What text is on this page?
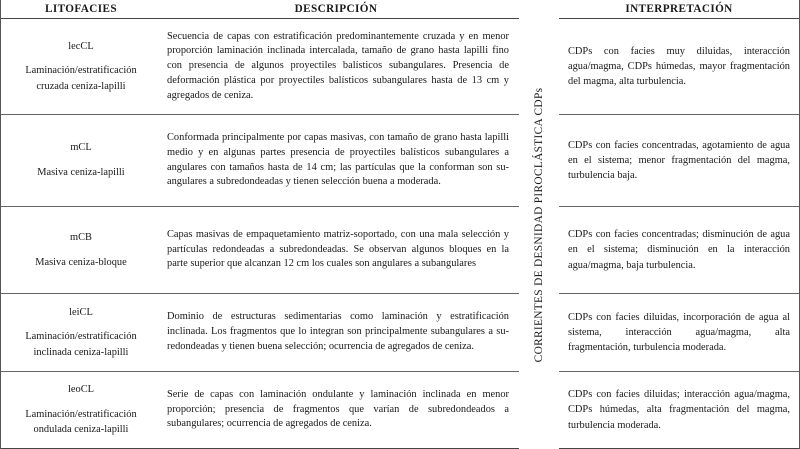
LITOFACIES	DESCRIPCIÓN
lecCL
Laminación/estratificación
cruzada ceniza-lapilli
Secuencia de capas con estratificación predominantemente cruzada y en menor proporción laminación inclinada intercalada, tamaño de grano hasta lapilli fino con presencia de algunos proyectiles balísticos subangulares. Presencia de deformación plástica por proyectiles balísticos subangulares hasta de 13 cm y agregados de ceniza.
mCL
Masiva ceniza-lapilli
Conformada principalmente por capas masivas, con tamaño de grano hasta lapilli medio y en algunas partes presencia de proyectiles balísticos subangulares a angulares con tamaños hasta de 14 cm; las partículas que la conforman son su-angulares a subredondeadas y tienen selección buena a moderada.
mCB
Masiva ceniza-bloque
Capas masivas de empaquetamiento matriz-soportado, con una mala selección y partículas redondeadas a subredondeadas. Se observan algunos bloques en la parte superior que alcanzan 12 cm los cuales son angulares a subangulares
leiCL
Laminación/estratificación
inclinada ceniza-lapilli
Dominio de estructuras sedimentarias como laminación y estratificación inclinada. Los fragmentos que lo integran son principalmente subangulares a su-redondeadas y tienen buena selección; ocurrencia de agregados de ceniza.
leoCL
Laminación/estratificación
ondulada ceniza-lapilli
Serie de capas con laminación ondulante y laminación inclinada en menor proporción; presencia de fragmentos que varían de subredondeados a subangulares; ocurrencia de agregados de ceniza.
CORRIENTES DE DESNIDAD PIROCLÁSTICA CDPs
INTERPRETACIÓN
CDPs con facies muy diluidas, interacción agua/magma, CDPs húmedas, mayor fragmentación del magma, alta turbulencia.
CDPs con facies concentradas, agotamiento de agua en el sistema; menor fragmentación del magma, turbulencia baja.
CDPs con facies concentradas; disminución de agua en el sistema; disminución en la interacción agua/magma, baja turbulencia.
CDPs con facies diluidas, incorporación de agua al sistema, interacción agua/magma, alta fragmentación, turbulencia moderada.
CDPs con facies diluidas; interacción agua/magma, CDPs húmedas, alta fragmentación del magma, turbulencia moderada.
